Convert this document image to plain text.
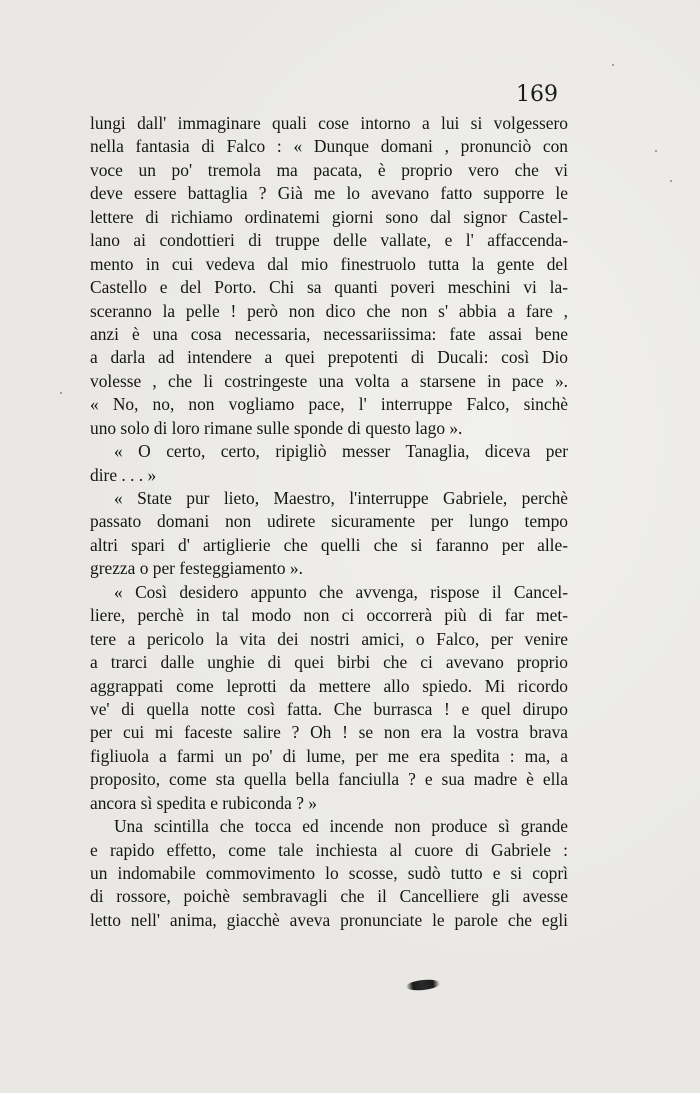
169
lungi dall' immaginare quali cose intorno a lui si volgessero
nella fantasia di Falco : « Dunque domani , pronunciò con
voce un po' tremola ma pacata, è proprio vero che vi
deve essere battaglia ? Già me lo avevano fatto supporre le
lettere di richiamo ordinatemi giorni sono dal signor Castel-
lano ai condottieri di truppe delle vallate, e l' affaccenda-
mento in cui vedeva dal mio finestruolo tutta la gente del
Castello e del Porto. Chi sa quanti poveri meschini vi la-
sceranno la pelle ! però non dico che non s' abbia a fare ,
anzi è una cosa necessaria, necessariissima: fate assai bene
a darla ad intendere a quei prepotenti di Ducali: così Dio
volesse , che li costringeste una volta a starsene in pace ».
« No, no, non vogliamo pace, l' interruppe Falco, sinchè
uno solo di loro rimane sulle sponde di questo lago ».
« O certo, certo, ripigliò messer Tanaglia, diceva per
dire . . . »
« State pur lieto, Maestro, l'interruppe Gabriele, perchè
passato domani non udirete sicuramente per lungo tempo
altri spari d' artiglierie che quelli che si faranno per alle-
grezza o per festeggiamento ».
« Così desidero appunto che avvenga, rispose il Cancel-
liere, perchè in tal modo non ci occorrerà più di far met-
tere a pericolo la vita dei nostri amici, o Falco, per venire
a trarci dalle unghie di quei birbi che ci avevano proprio
aggrappati come leprotti da mettere allo spiedo. Mi ricordo
ve' di quella notte così fatta. Che burrasca ! e quel dirupo
per cui mi faceste salire ? Oh ! se non era la vostra brava
figliuola a farmi un po' di lume, per me era spedita : ma, a
proposito, come sta quella bella fanciulla ? e sua madre è ella
ancora sì spedita e rubiconda ? »
Una scintilla che tocca ed incende non produce sì grande
e rapido effetto, come tale inchiesta al cuore di Gabriele :
un indomabile commovimento lo scosse, sudò tutto e si coprì
di rossore, poichè sembravagli che il Cancelliere gli avesse
letto nell' anima, giacchè aveva pronunciate le parole che egli
